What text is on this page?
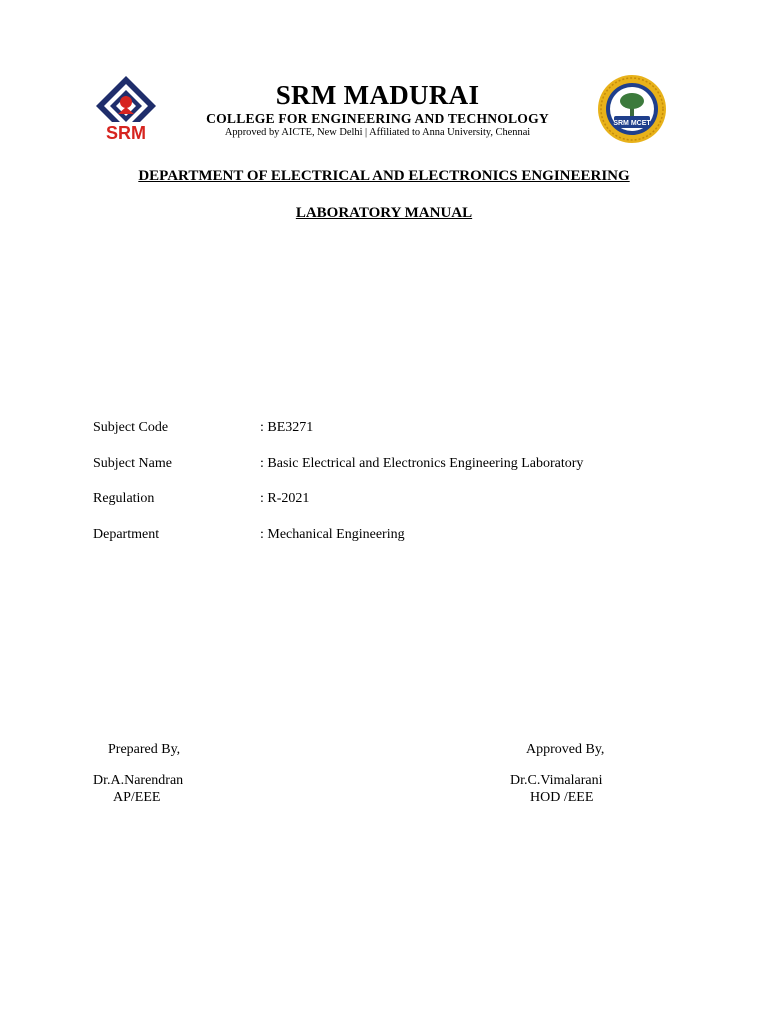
SRM
SRM MADURAI
COLLEGE FOR ENGINEERING AND TECHNOLOGY
Approved by AICTE, New Delhi | Affiliated to Anna University, Chennai
SRM MCET
DEPARTMENT OF ELECTRICAL AND ELECTRONICS ENGINEERING
LABORATORY MANUAL
Subject Code	: BE3271
Subject Name	: Basic Electrical and Electronics Engineering Laboratory
Regulation	: R-2021
Department	: Mechanical Engineering
Prepared By,
Dr.A.Narendran
AP/EEE
Approved By,
Dr.C.Vimalarani
HOD /EEE
